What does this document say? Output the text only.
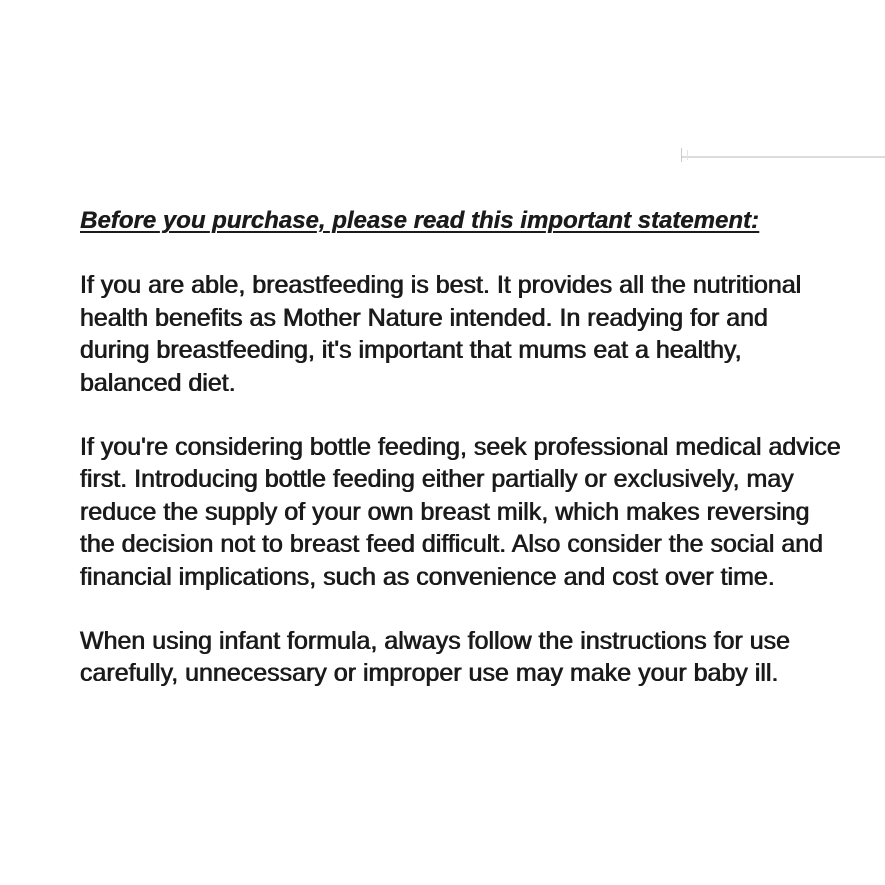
Before you purchase, please read this important statement:
If you are able, breastfeeding is best. It provides all the nutritional
health benefits as Mother Nature intended. In readying for and
during breastfeeding, it's important that mums eat a healthy,
balanced diet.
If you're considering bottle feeding, seek professional medical advice
first. Introducing bottle feeding either partially or exclusively, may
reduce the supply of your own breast milk, which makes reversing
the decision not to breast feed difficult. Also consider the social and
financial implications, such as convenience and cost over time.
When using infant formula, always follow the instructions for use
carefully, unnecessary or improper use may make your baby ill.
